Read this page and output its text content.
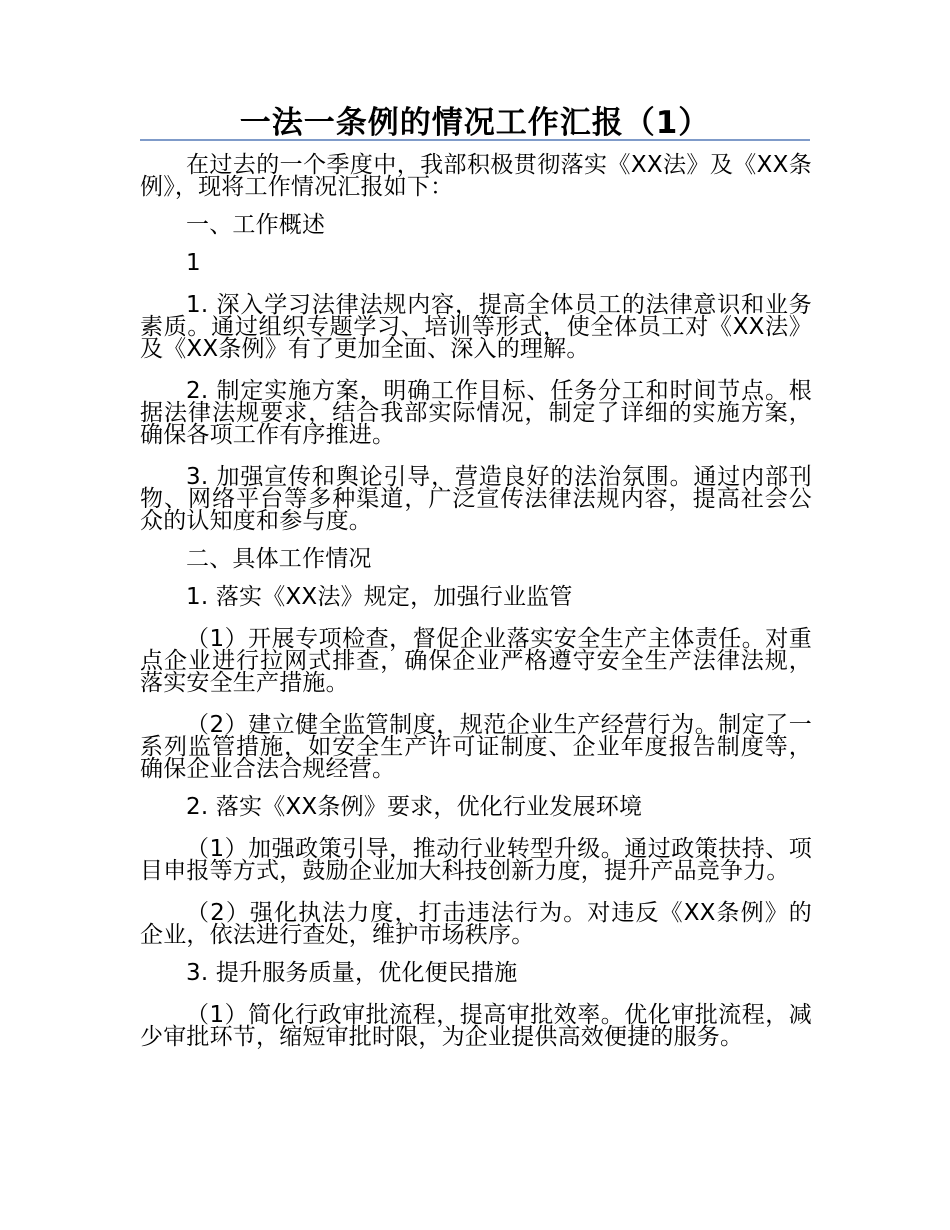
一法一条例的情况工作汇报（1）

在过去的一个季度中，我部积极贯彻落实《XX法》及《XX条例》，现将工作情况汇报如下：

一、工作概述

1

1. 深入学习法律法规内容，提高全体员工的法律意识和业务素质。通过组织专题学习、培训等形式，使全体员工对《XX法》及《XX条例》有了更加全面、深入的理解。

2. 制定实施方案，明确工作目标、任务分工和时间节点。根据法律法规要求，结合我部实际情况，制定了详细的实施方案，确保各项工作有序推进。

3. 加强宣传和舆论引导，营造良好的法治氛围。通过内部刊物、网络平台等多种渠道，广泛宣传法律法规内容，提高社会公众的认知度和参与度。

二、具体工作情况

1. 落实《XX法》规定，加强行业监管

（1）开展专项检查，督促企业落实安全生产主体责任。对重点企业进行拉网式排查，确保企业严格遵守安全生产法律法规，落实安全生产措施。

（2）建立健全监管制度，规范企业生产经营行为。制定了一系列监管措施，如安全生产许可证制度、企业年度报告制度等，确保企业合法合规经营。

2. 落实《XX条例》要求，优化行业发展环境

（1）加强政策引导，推动行业转型升级。通过政策扶持、项目申报等方式，鼓励企业加大科技创新力度，提升产品竞争力。

（2）强化执法力度，打击违法行为。对违反《XX条例》的企业，依法进行查处，维护市场秩序。

3. 提升服务质量，优化便民措施

（1）简化行政审批流程，提高审批效率。优化审批流程，减少审批环节，缩短审批时限，为企业提供高效便捷的服务。
